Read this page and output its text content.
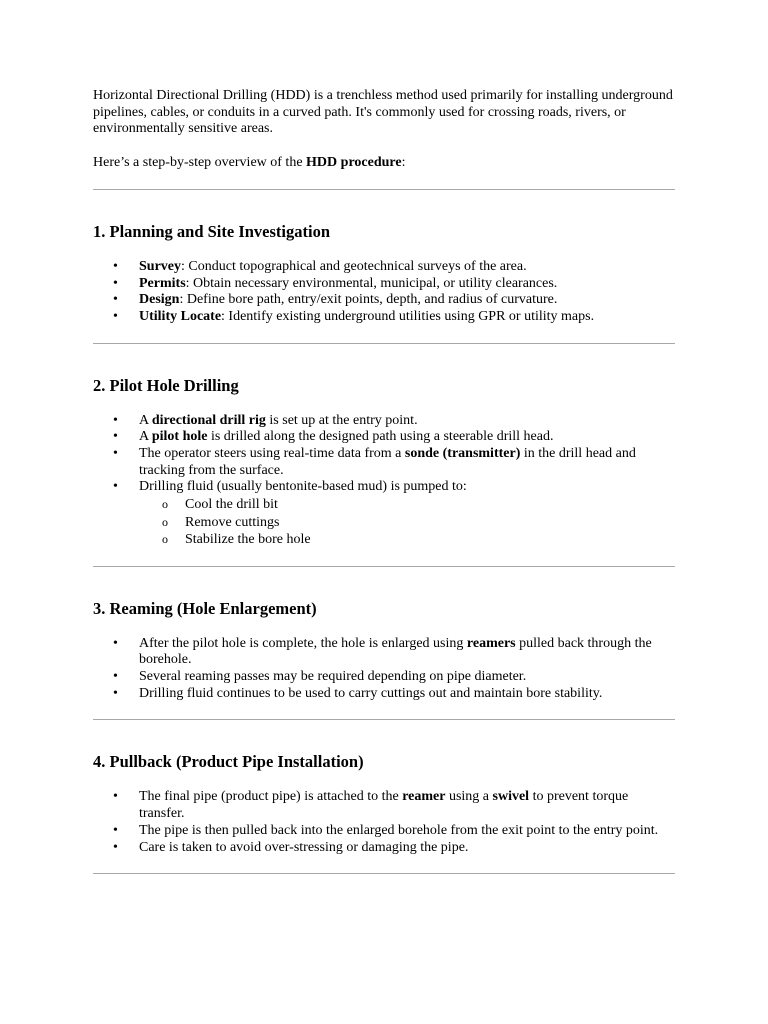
Horizontal Directional Drilling (HDD) is a trenchless method used primarily for installing underground pipelines, cables, or conduits in a curved path. It's commonly used for crossing roads, rivers, or environmentally sensitive areas.

Here’s a step-by-step overview of the HDD procedure:

1. Planning and Site Investigation
• Survey: Conduct topographical and geotechnical surveys of the area.
• Permits: Obtain necessary environmental, municipal, or utility clearances.
• Design: Define bore path, entry/exit points, depth, and radius of curvature.
• Utility Locate: Identify existing underground utilities using GPR or utility maps.
2. Pilot Hole Drilling
• A directional drill rig is set up at the entry point.
• A pilot hole is drilled along the designed path using a steerable drill head.
• The operator steers using real-time data from a sonde (transmitter) in the drill head and tracking from the surface.
• Drilling fluid (usually bentonite-based mud) is pumped to:
o Cool the drill bit
o Remove cuttings
o Stabilize the bore hole
3. Reaming (Hole Enlargement)
• After the pilot hole is complete, the hole is enlarged using reamers pulled back through the borehole.
• Several reaming passes may be required depending on pipe diameter.
• Drilling fluid continues to be used to carry cuttings out and maintain bore stability.
4. Pullback (Product Pipe Installation)
• The final pipe (product pipe) is attached to the reamer using a swivel to prevent torque transfer.
• The pipe is then pulled back into the enlarged borehole from the exit point to the entry point.
• Care is taken to avoid over-stressing or damaging the pipe.
